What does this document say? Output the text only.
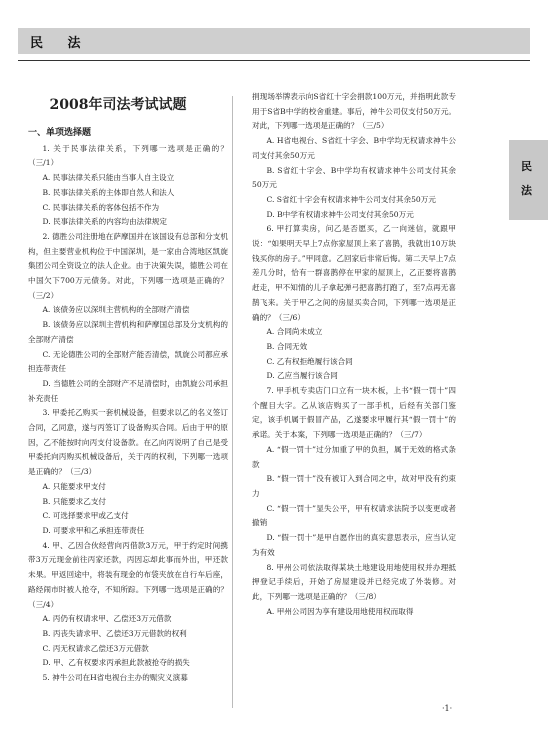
民 法
民
法
2008年司法考试试题
一、单项选择题

1. 关于民事法律关系，下列哪一选项是正确的？（三/1）

A. 民事法律关系只能由当事人自主设立

B. 民事法律关系的主体即自然人和法人

C. 民事法律关系的客体包括不作为

D. 民事法律关系的内容均由法律规定

2. 德胜公司注册地在萨摩国并在该国设有总部和分支机构，但主要营业机构位于中国深圳，是一家由合湾地区凯旋集团公司全资设立的法人企业。由于决策失误，德胜公司在中国欠下700万元债务。对此，下列哪一选项是正确的？（三/2）

A. 该债务应以深圳主营机构的全部财产清偿

B. 该债务应以深圳主营机构和萨摩国总部及分支机构的全部财产清偿

C. 无论德胜公司的全部财产能否清偿，凯旋公司都应承担连带责任

D. 当德胜公司的全部财产不足清偿时，由凯旋公司承担补充责任

3. 甲委托乙购买一套机械设备，但要求以乙的名义签订合同，乙同意，遂与丙签订了设备购买合同。后由于甲的原因，乙不能按时向丙支付设备款。在乙向丙说明了自己是受甲委托向丙购买机械设备后，关于丙的权利，下列哪一选项是正确的？（三/3）

A. 只能要求甲支付

B. 只能要求乙支付

C. 可选择要求甲或乙支付

D. 可要求甲和乙承担连带责任

4. 甲、乙因合伙经营向丙借款3万元，甲于约定时间携带3万元现金前往丙家还款，丙因忘却此事而外出，甲还款未果。甲返回途中，将装有现金的布袋夹放在自行车后座，路经闹市时被人抢夺，不知所踪。下列哪一选项是正确的？（三/4）

A. 丙仍有权请求甲、乙偿还3万元借款

B. 丙丧失请求甲、乙偿还3万元借款的权利

C. 丙无权请求乙偿还3万元借款

D. 甲、乙有权要求丙承担此款被抢夺的损失

5. 神牛公司在H省电视台主办的赈灾义演募

捐现场举牌表示向S省红十字会捐款100万元，并指明此款专用于S省B中学的校舍重建。事后，神牛公司仅支付50万元。对此，下列哪一选项是正确的？（三/5）

A. H省电视台、S省红十字会、B中学均无权请求神牛公司支付其余50万元

B. S省红十字会、B中学均有权请求神牛公司支付其余50万元

C. S省红十字会有权请求神牛公司支付其余50万元

D. B中学有权请求神牛公司支付其余50万元

6. 甲打算卖房，问乙是否愿买，乙一向迷信，就跟甲说：“如果明天早上7点你家屋顶上来了喜鹊，我就出10万块钱买你的房子。”甲同意。乙回家后非常后悔。第二天早上7点差几分时，恰有一群喜鹊停在甲家的屋顶上，乙正要将喜鹊赶走，甲不知情的儿子拿起弹弓把喜鹊打跑了，至7点再无喜鹊飞来。关于甲乙之间的房屋买卖合同，下列哪一选项是正确的？（三/6）

A. 合同尚未成立

B. 合同无效

C. 乙有权拒绝履行该合同

D. 乙应当履行该合同

7. 甲手机专卖店门口立有一块木板，上书“假一罚十”四个醒目大字。乙从该店购买了一部手机，后经有关部门鉴定，该手机属于假冒产品，乙遂要求甲履行其“假一罚十”的承诺。关于本案，下列哪一选项是正确的？（三/7）

A. “假一罚十”过分加重了甲的负担，属于无效的格式条款

B. “假一罚十”没有被订入到合同之中，故对甲没有约束力

C. “假一罚十”显失公平，甲有权请求法院予以变更或者撤销

D. “假一罚十”是甲自愿作出的真实意思表示，应当认定为有效

8. 甲州公司依法取得某块土地建设用地使用权并办理抵押登记手续后，开始了房屋建设并已经完成了外装修。对此，下列哪一选项是正确的？（三/8）

A. 甲州公司因为享有建设用地使用权而取得

·1·
